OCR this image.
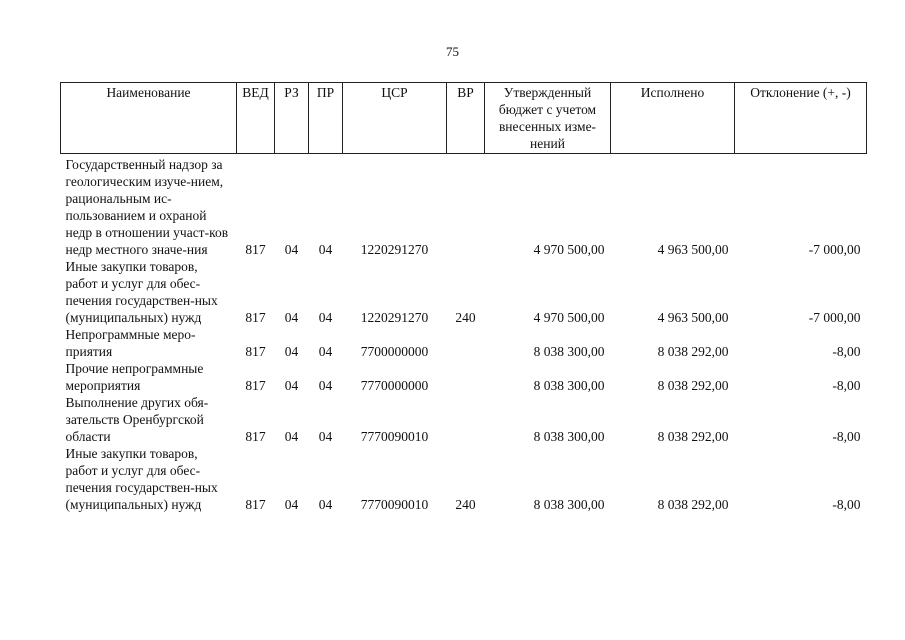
75
Наименование	ВЕД	РЗ	ПР	ЦСР	ВР	Утвержденный бюджет с учетом внесенных изме-нений	Исполнено	Отклонение (+, -)

Государственный надзор за геологическим изуче-нием, рациональным ис-пользованием и охраной недр в отношении участ-ков недр местного значе-ния	817	04	04	1220291270		4 970 500,00	4 963 500,00	-7 000,00
Иные закупки товаров, работ и услуг для обес-печения государствен-ных (муниципальных) нужд	817	04	04	1220291270	240	4 970 500,00	4 963 500,00	-7 000,00
Непрограммные меро-приятия	817	04	04	7700000000		8 038 300,00	8 038 292,00	-8,00
Прочие непрограммные мероприятия	817	04	04	7770000000		8 038 300,00	8 038 292,00	-8,00
Выполнение других обя-зательств Оренбургской области	817	04	04	7770090010		8 038 300,00	8 038 292,00	-8,00
Иные закупки товаров, работ и услуг для обес-печения государствен-ных (муниципальных) нужд	817	04	04	7770090010	240	8 038 300,00	8 038 292,00	-8,00
